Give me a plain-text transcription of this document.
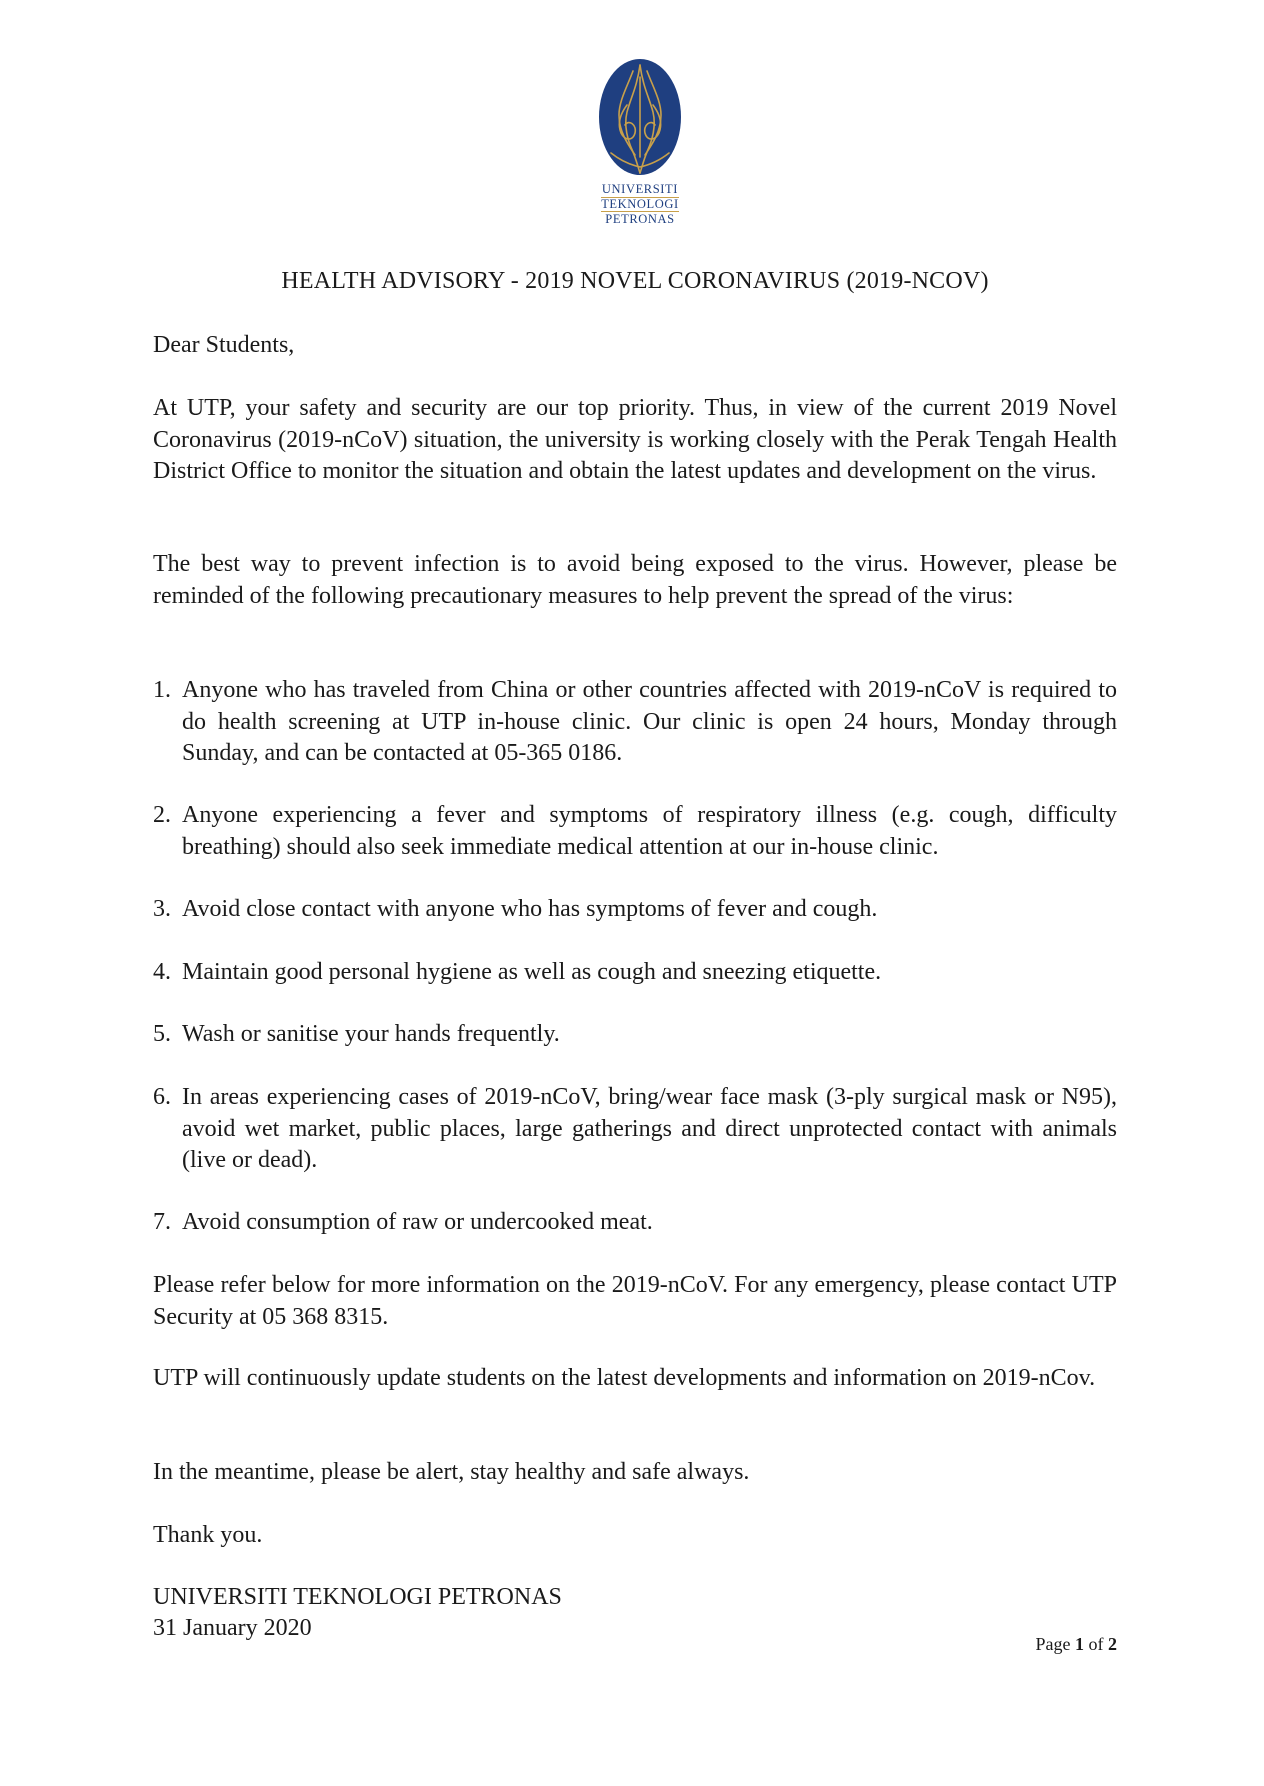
UNIVERSITI
TEKNOLOGI
PETRONAS
HEALTH ADVISORY - 2019 NOVEL CORONAVIRUS (2019-NCOV)
Dear Students,
At UTP, your safety and security are our top priority. Thus, in view of the current 2019 Novel Coronavirus (2019-nCoV) situation, the university is working closely with the Perak Tengah Health District Office to monitor the situation and obtain the latest updates and development on the virus.
The best way to prevent infection is to avoid being exposed to the virus. However, please be reminded of the following precautionary measures to help prevent the spread of the virus:
1. Anyone who has traveled from China or other countries affected with 2019-nCoV is required to do health screening at UTP in-house clinic. Our clinic is open 24 hours, Monday through Sunday, and can be contacted at 05-365 0186.
2. Anyone experiencing a fever and symptoms of respiratory illness (e.g. cough, difficulty breathing) should also seek immediate medical attention at our in-house clinic.
3. Avoid close contact with anyone who has symptoms of fever and cough.
4. Maintain good personal hygiene as well as cough and sneezing etiquette.
5. Wash or sanitise your hands frequently.
6. In areas experiencing cases of 2019-nCoV, bring/wear face mask (3-ply surgical mask or N95), avoid wet market, public places, large gatherings and direct unprotected contact with animals (live or dead).
7. Avoid consumption of raw or undercooked meat.
Please refer below for more information on the 2019-nCoV. For any emergency, please contact UTP Security at 05 368 8315.
UTP will continuously update students on the latest developments and information on 2019-nCov.
In the meantime, please be alert, stay healthy and safe always.
Thank you.
UNIVERSITI TEKNOLOGI PETRONAS
31 January 2020
Page 1 of 2
